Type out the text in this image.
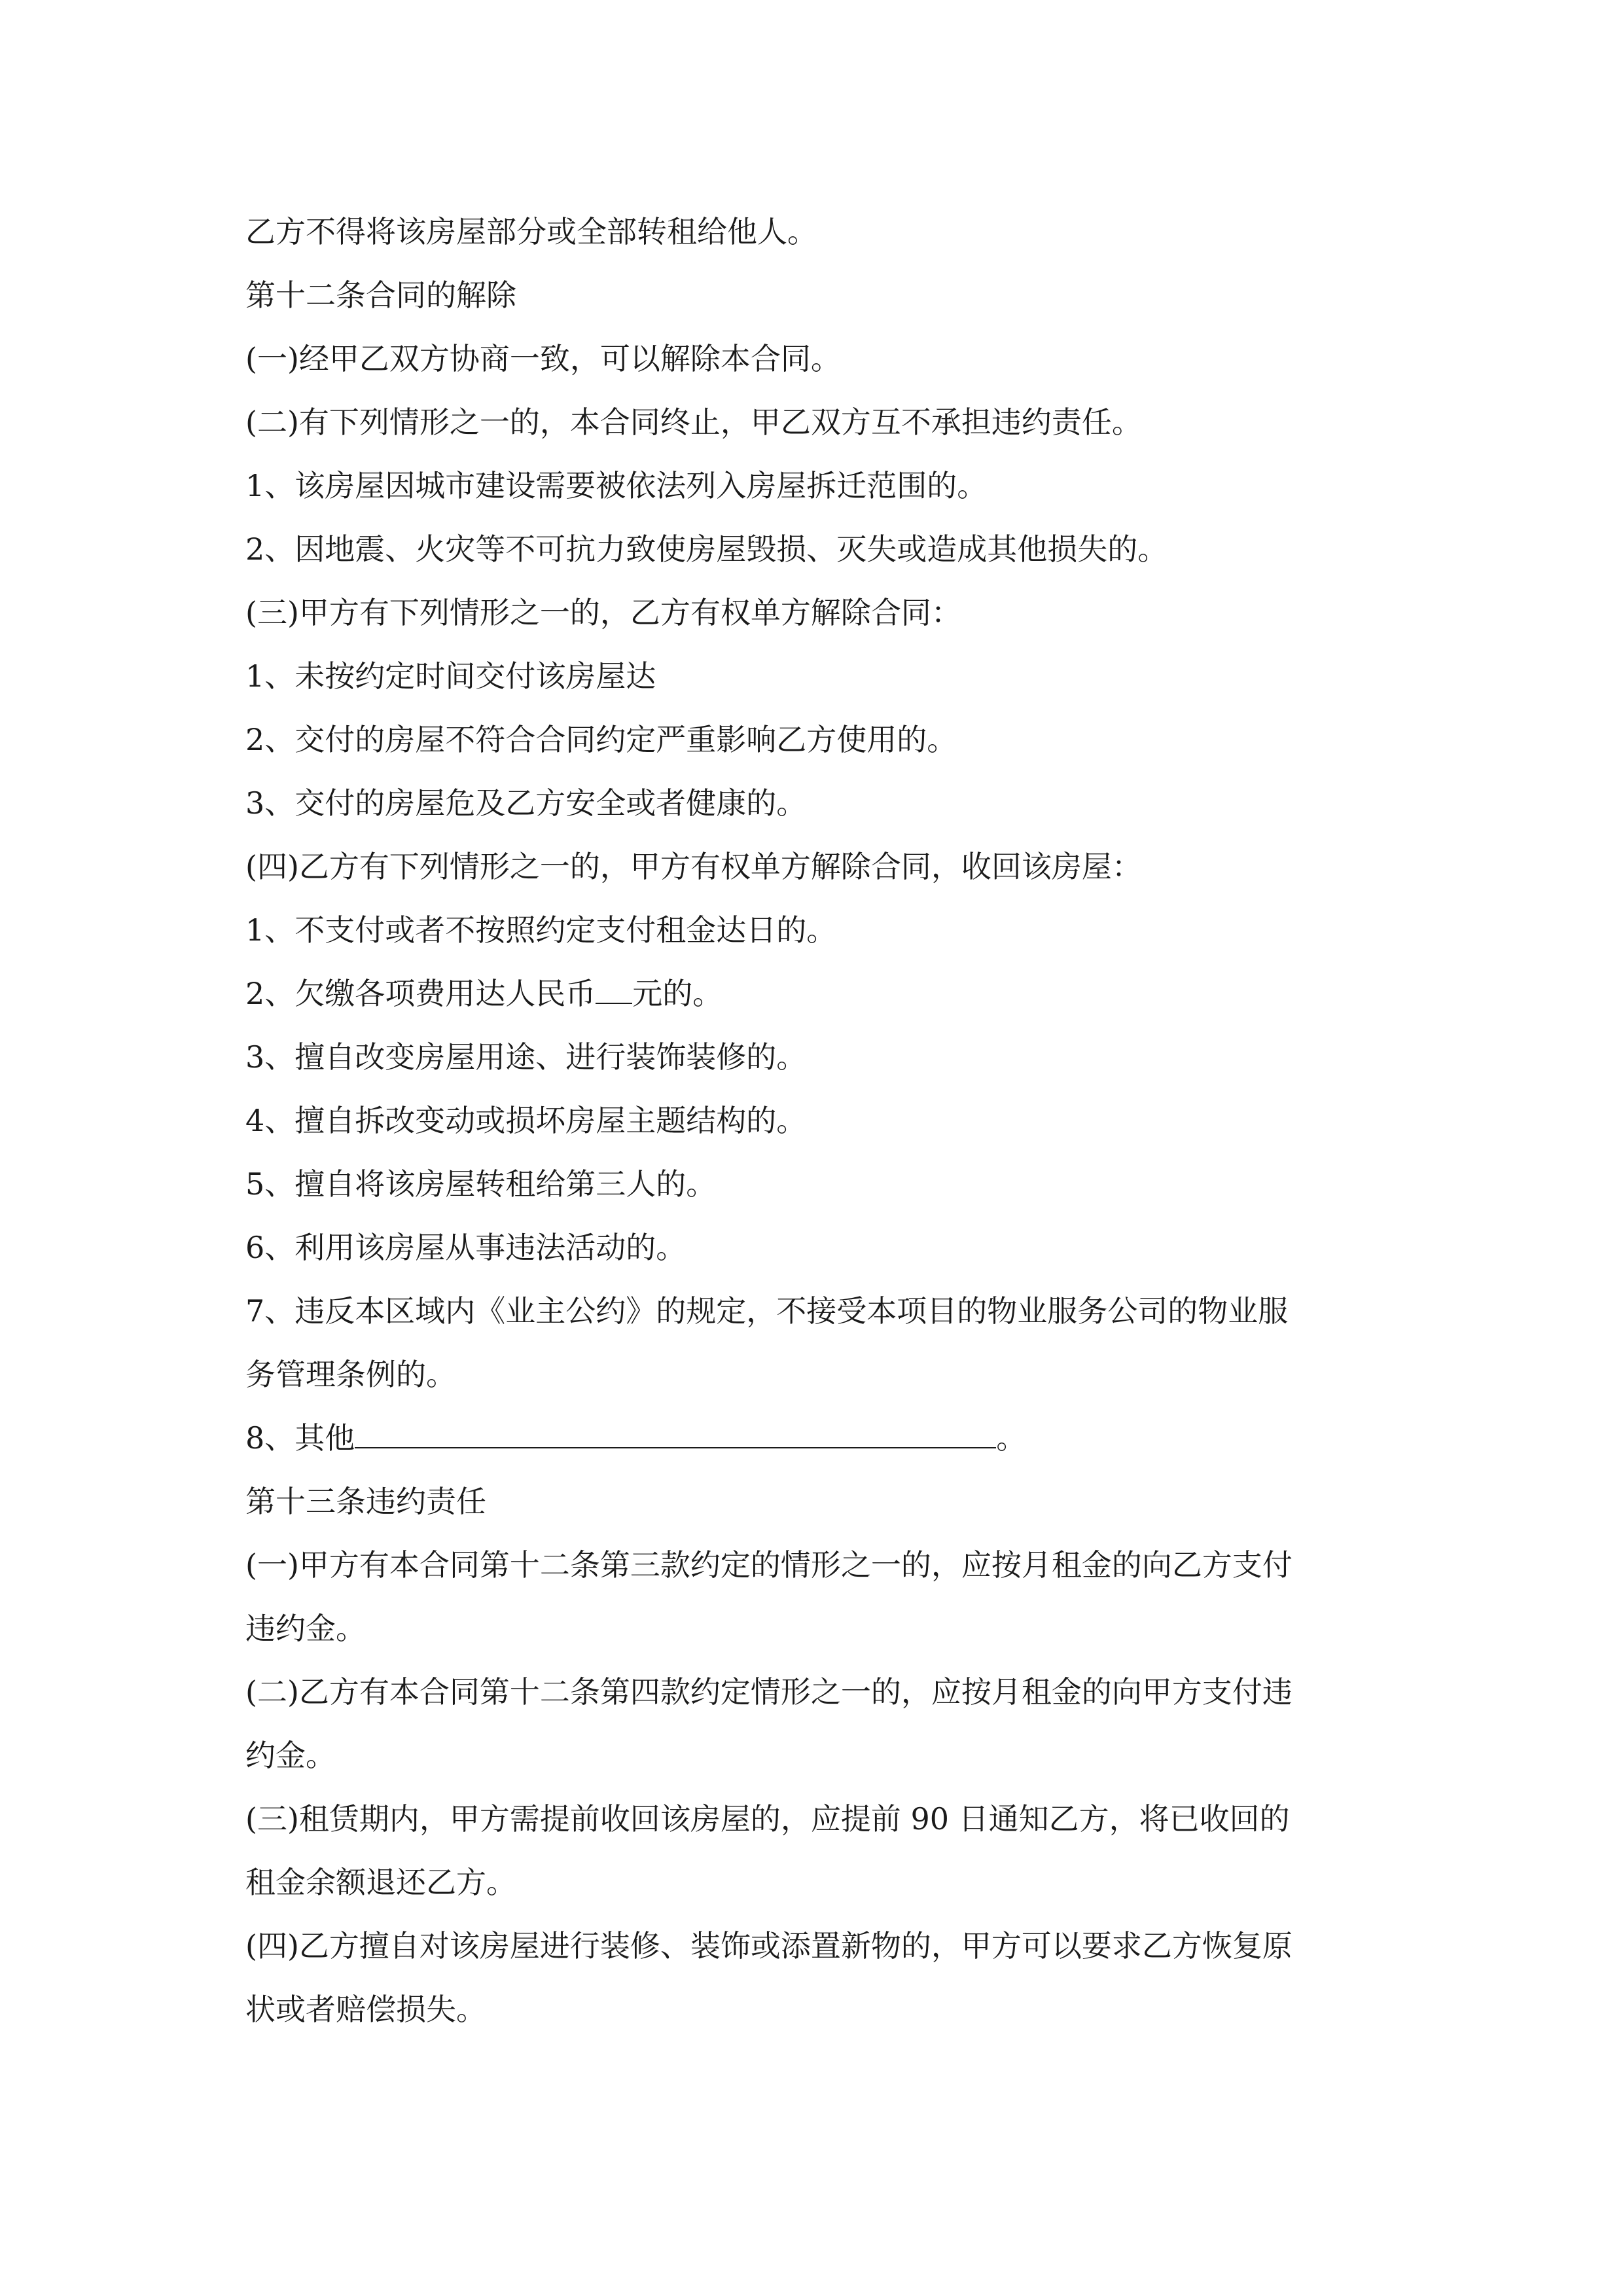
乙方不得将该房屋部分或全部转租给他人。
第十二条合同的解除
(一)经甲乙双方协商一致，可以解除本合同。
(二)有下列情形之一的，本合同终止，甲乙双方互不承担违约责任。
1、该房屋因城市建设需要被依法列入房屋拆迁范围的。
2、因地震、火灾等不可抗力致使房屋毁损、灭失或造成其他损失的。
(三)甲方有下列情形之一的，乙方有权单方解除合同：
1、未按约定时间交付该房屋达
2、交付的房屋不符合合同约定严重影响乙方使用的。
3、交付的房屋危及乙方安全或者健康的。
(四)乙方有下列情形之一的，甲方有权单方解除合同，收回该房屋：
1、不支付或者不按照约定支付租金达日的。
2、欠缴各项费用达人民币 元的。
3、擅自改变房屋用途、进行装饰装修的。
4、擅自拆改变动或损坏房屋主题结构的。
5、擅自将该房屋转租给第三人的。
6、利用该房屋从事违法活动的。
7、违反本区域内《业主公约》的规定，不接受本项目的物业服务公司的物业服
务管理条例的。
8、其他	。
第十三条违约责任
(一)甲方有本合同第十二条第三款约定的情形之一的，应按月租金的向乙方支付
违约金。
(二)乙方有本合同第十二条第四款约定情形之一的，应按月租金的向甲方支付违
约金。
(三)租赁期内，甲方需提前收回该房屋的，应提前 90 日通知乙方，将已收回的
租金余额退还乙方。
(四)乙方擅自对该房屋进行装修、装饰或添置新物的，甲方可以要求乙方恢复原
状或者赔偿损失。
